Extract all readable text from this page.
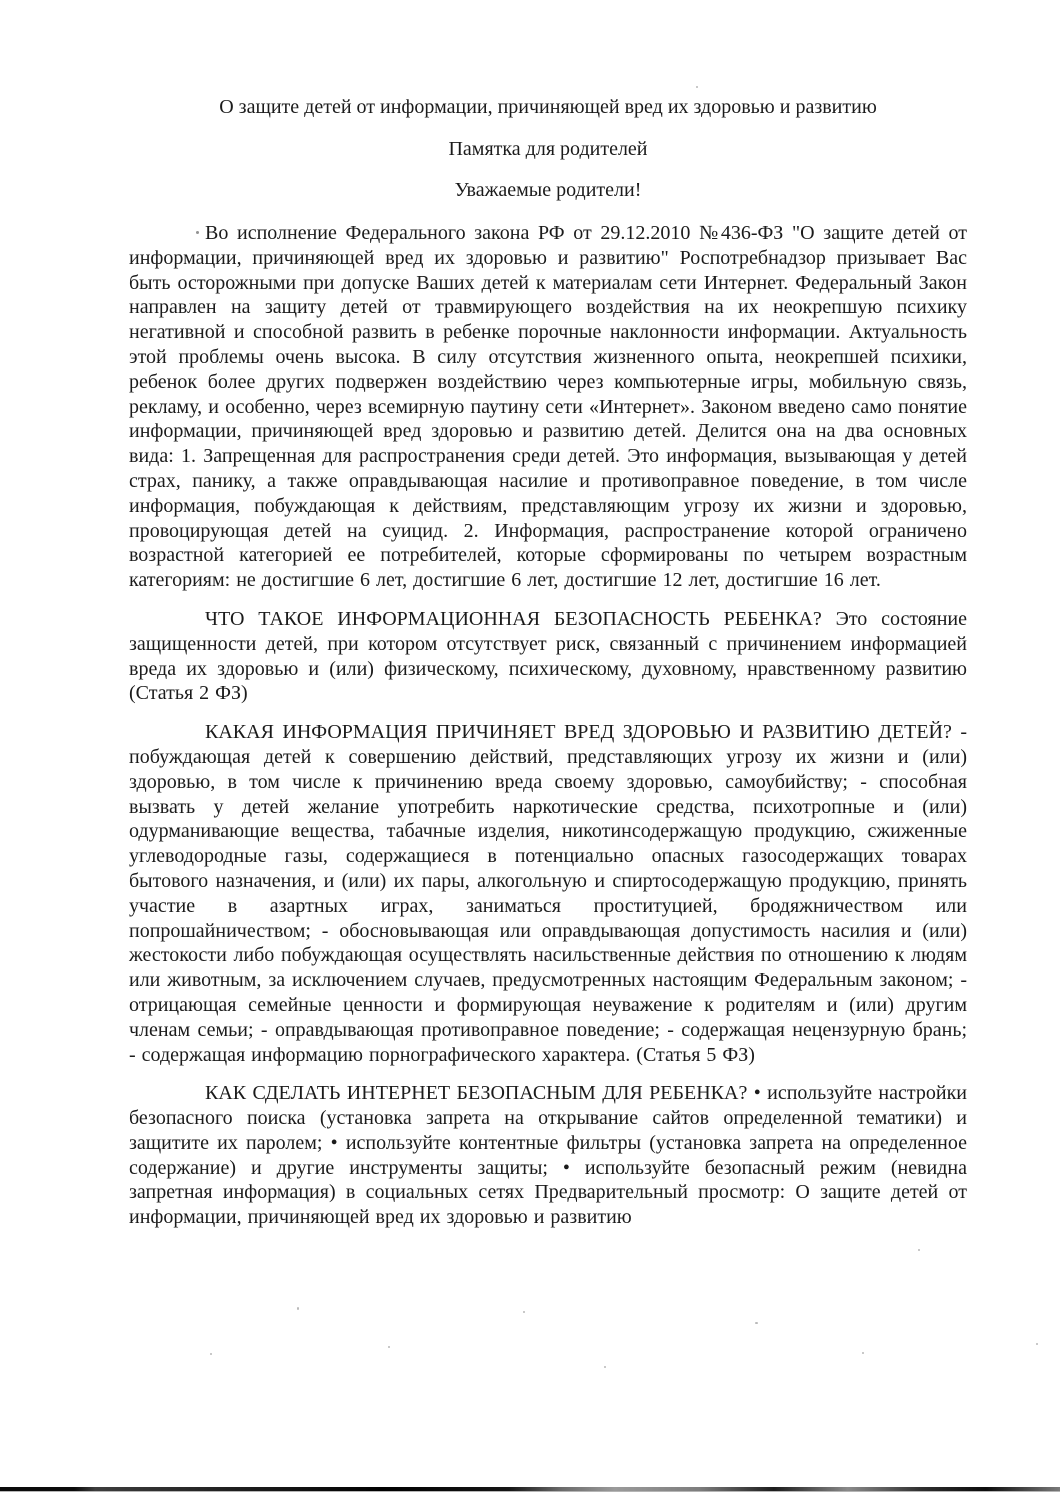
О защите детей от информации, причиняющей вред их здоровью и развитию
Памятка для родителей
Уважаемые родители!

Во исполнение Федерального закона РФ от 29.12.2010 №436-ФЗ "О защите детей от информации, причиняющей вред их здоровью и развитию" Роспотребнадзор призывает Вас быть осторожными при допуске Ваших детей к материалам сети Интернет. Федеральный Закон направлен на защиту детей от травмирующего воздействия на их неокрепшую психику негативной и способной развить в ребенке порочные наклонности информации. Актуальность этой проблемы очень высока. В силу отсутствия жизненного опыта, неокрепшей психики, ребенок более других подвержен воздействию через компьютерные игры, мобильную связь, рекламу, и особенно, через всемирную паутину сети «Интернет». Законом введено само понятие информации, причиняющей вред здоровью и развитию детей. Делится она на два основных вида: 1. Запрещенная для распространения среди детей. Это информация, вызывающая у детей страх, панику, а также оправдывающая насилие и противоправное поведение, в том числе информация, побуждающая к действиям, представляющим угрозу их жизни и здоровью, провоцирующая детей на суицид. 2. Информация, распространение которой ограничено возрастной категорией ее потребителей, которые сформированы по четырем возрастным категориям: не достигшие 6 лет, достигшие 6 лет, достигшие 12 лет, достигшие 16 лет.

ЧТО ТАКОЕ ИНФОРМАЦИОННАЯ БЕЗОПАСНОСТЬ РЕБЕНКА? Это состояние защищенности детей, при котором отсутствует риск, связанный с причинением информацией вреда их здоровью и (или) физическому, психическому, духовному, нравственному развитию (Статья 2 ФЗ)

КАКАЯ ИНФОРМАЦИЯ ПРИЧИНЯЕТ ВРЕД ЗДОРОВЬЮ И РАЗВИТИЮ ДЕТЕЙ? - побуждающая детей к совершению действий, представляющих угрозу их жизни и (или) здоровью, в том числе к причинению вреда своему здоровью, самоубийству; - способная вызвать у детей желание употребить наркотические средства, психотропные и (или) одурманивающие вещества, табачные изделия, никотинсодержащую продукцию, сжиженные углеводородные газы, содержащиеся в потенциально опасных газосодержащих товарах бытового назначения, и (или) их пары, алкогольную и спиртосодержащую продукцию, принять участие в азартных играх, заниматься проституцией, бродяжничеством или попрошайничеством; - обосновывающая или оправдывающая допустимость насилия и (или) жестокости либо побуждающая осуществлять насильственные действия по отношению к людям или животным, за исключением случаев, предусмотренных настоящим Федеральным законом; - отрицающая семейные ценности и формирующая неуважение к родителям и (или) другим членам семьи; - оправдывающая противоправное поведение; - содержащая нецензурную брань; - содержащая информацию порнографического характера. (Статья 5 ФЗ)

КАК СДЕЛАТЬ ИНТЕРНЕТ БЕЗОПАСНЫМ ДЛЯ РЕБЕНКА? • используйте настройки безопасного поиска (установка запрета на открывание сайтов определенной тематики) и защитите их паролем; • используйте контентные фильтры (установка запрета на определенное содержание) и другие инструменты защиты; • используйте безопасный режим (невидна запретная информация) в социальных сетях Предварительный просмотр: О защите детей от информации, причиняющей вред их здоровью и развитию
